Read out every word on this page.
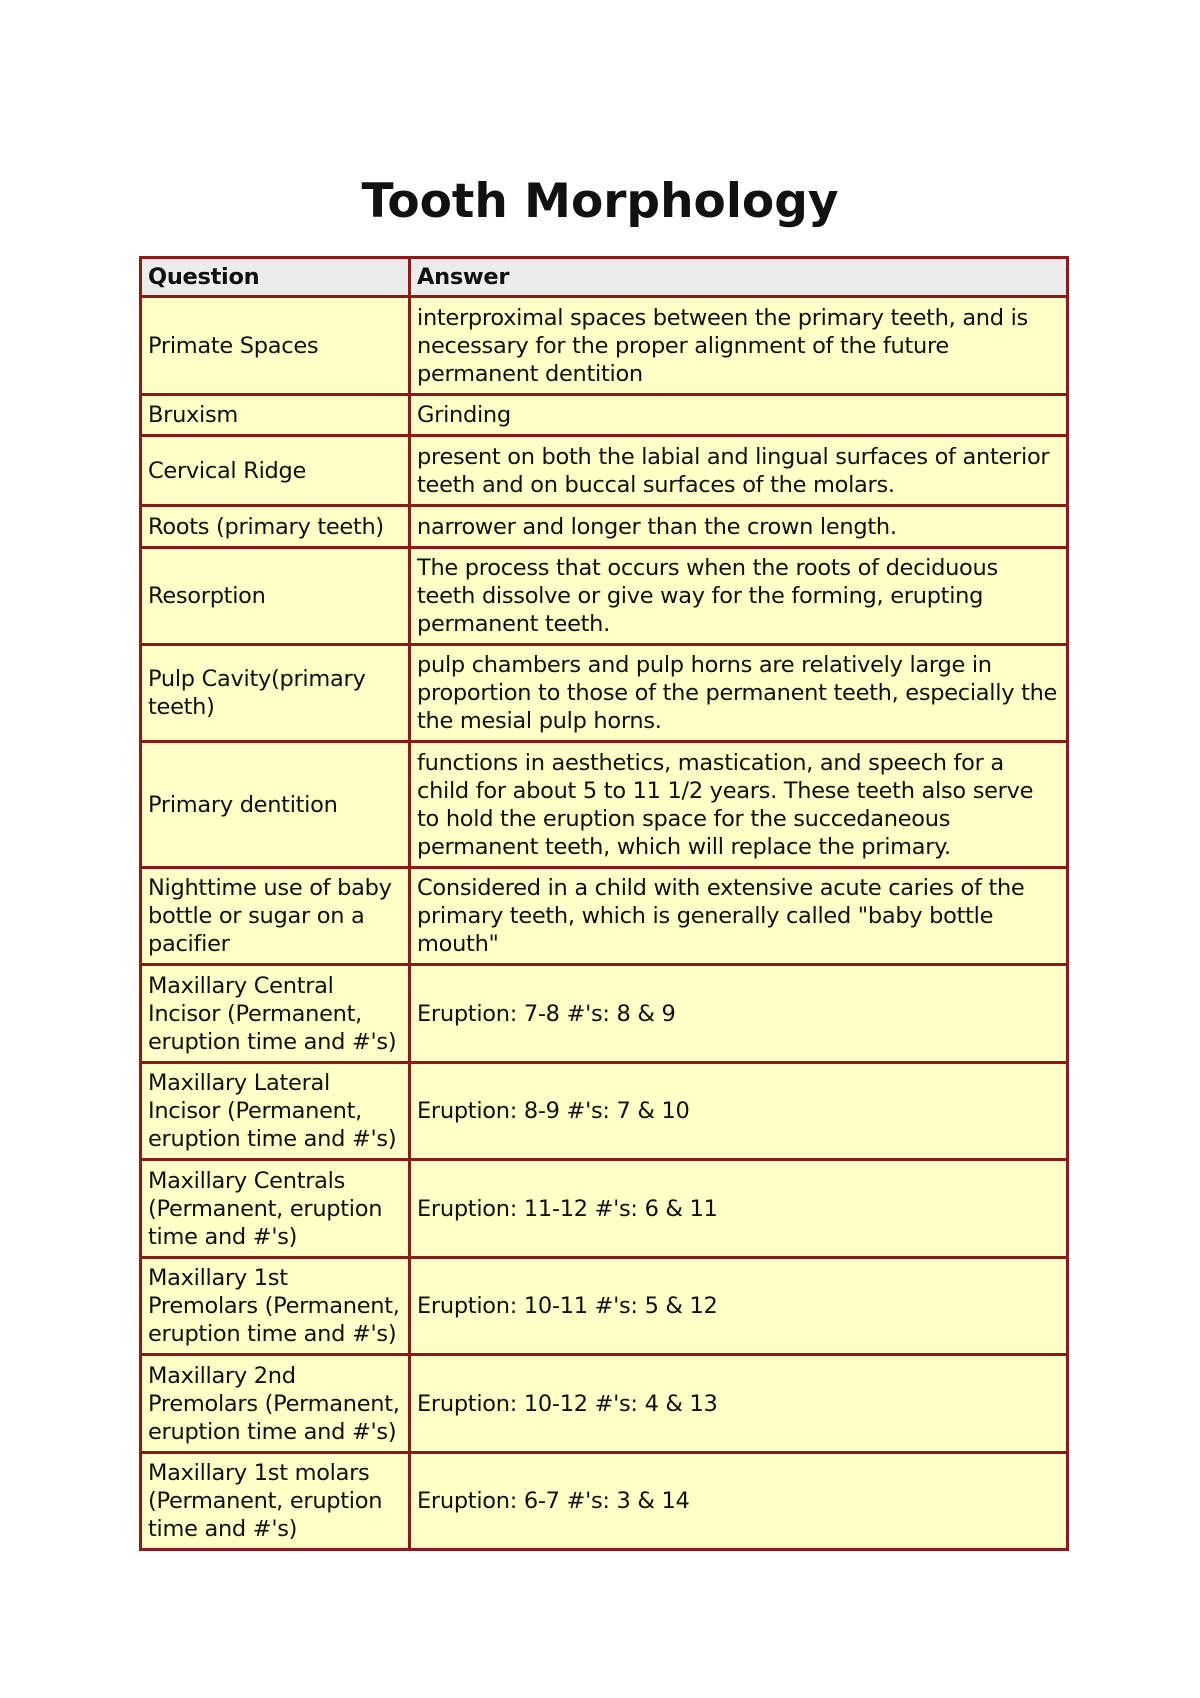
Tooth Morphology
Question	Answer
Primate Spaces	interproximal spaces between the primary teeth, and is necessary for the proper alignment of the future permanent dentition
Bruxism	Grinding
Cervical Ridge	present on both the labial and lingual surfaces of anterior teeth and on buccal surfaces of the molars.
Roots (primary teeth)	narrower and longer than the crown length.
Resorption	The process that occurs when the roots of deciduous teeth dissolve or give way for the forming, erupting permanent teeth.
Pulp Cavity(primary teeth)	pulp chambers and pulp horns are relatively large in proportion to those of the permanent teeth, especially the the mesial pulp horns.
Primary dentition	functions in aesthetics, mastication, and speech for a child for about 5 to 11 1/2 years. These teeth also serve to hold the eruption space for the succedaneous permanent teeth, which will replace the primary.
Nighttime use of baby bottle or sugar on a pacifier	Considered in a child with extensive acute caries of the primary teeth, which is generally called "baby bottle mouth"
Maxillary Central Incisor (Permanent, eruption time and #'s)	Eruption: 7-8 #'s: 8 & 9
Maxillary Lateral Incisor (Permanent, eruption time and #'s)	Eruption: 8-9 #'s: 7 & 10
Maxillary Centrals (Permanent, eruption time and #'s)	Eruption: 11-12 #'s: 6 & 11
Maxillary 1st Premolars (Permanent, eruption time and #'s)	Eruption: 10-11 #'s: 5 & 12
Maxillary 2nd Premolars (Permanent, eruption time and #'s)	Eruption: 10-12 #'s: 4 & 13
Maxillary 1st molars (Permanent, eruption time and #'s)	Eruption: 6-7 #'s: 3 & 14
